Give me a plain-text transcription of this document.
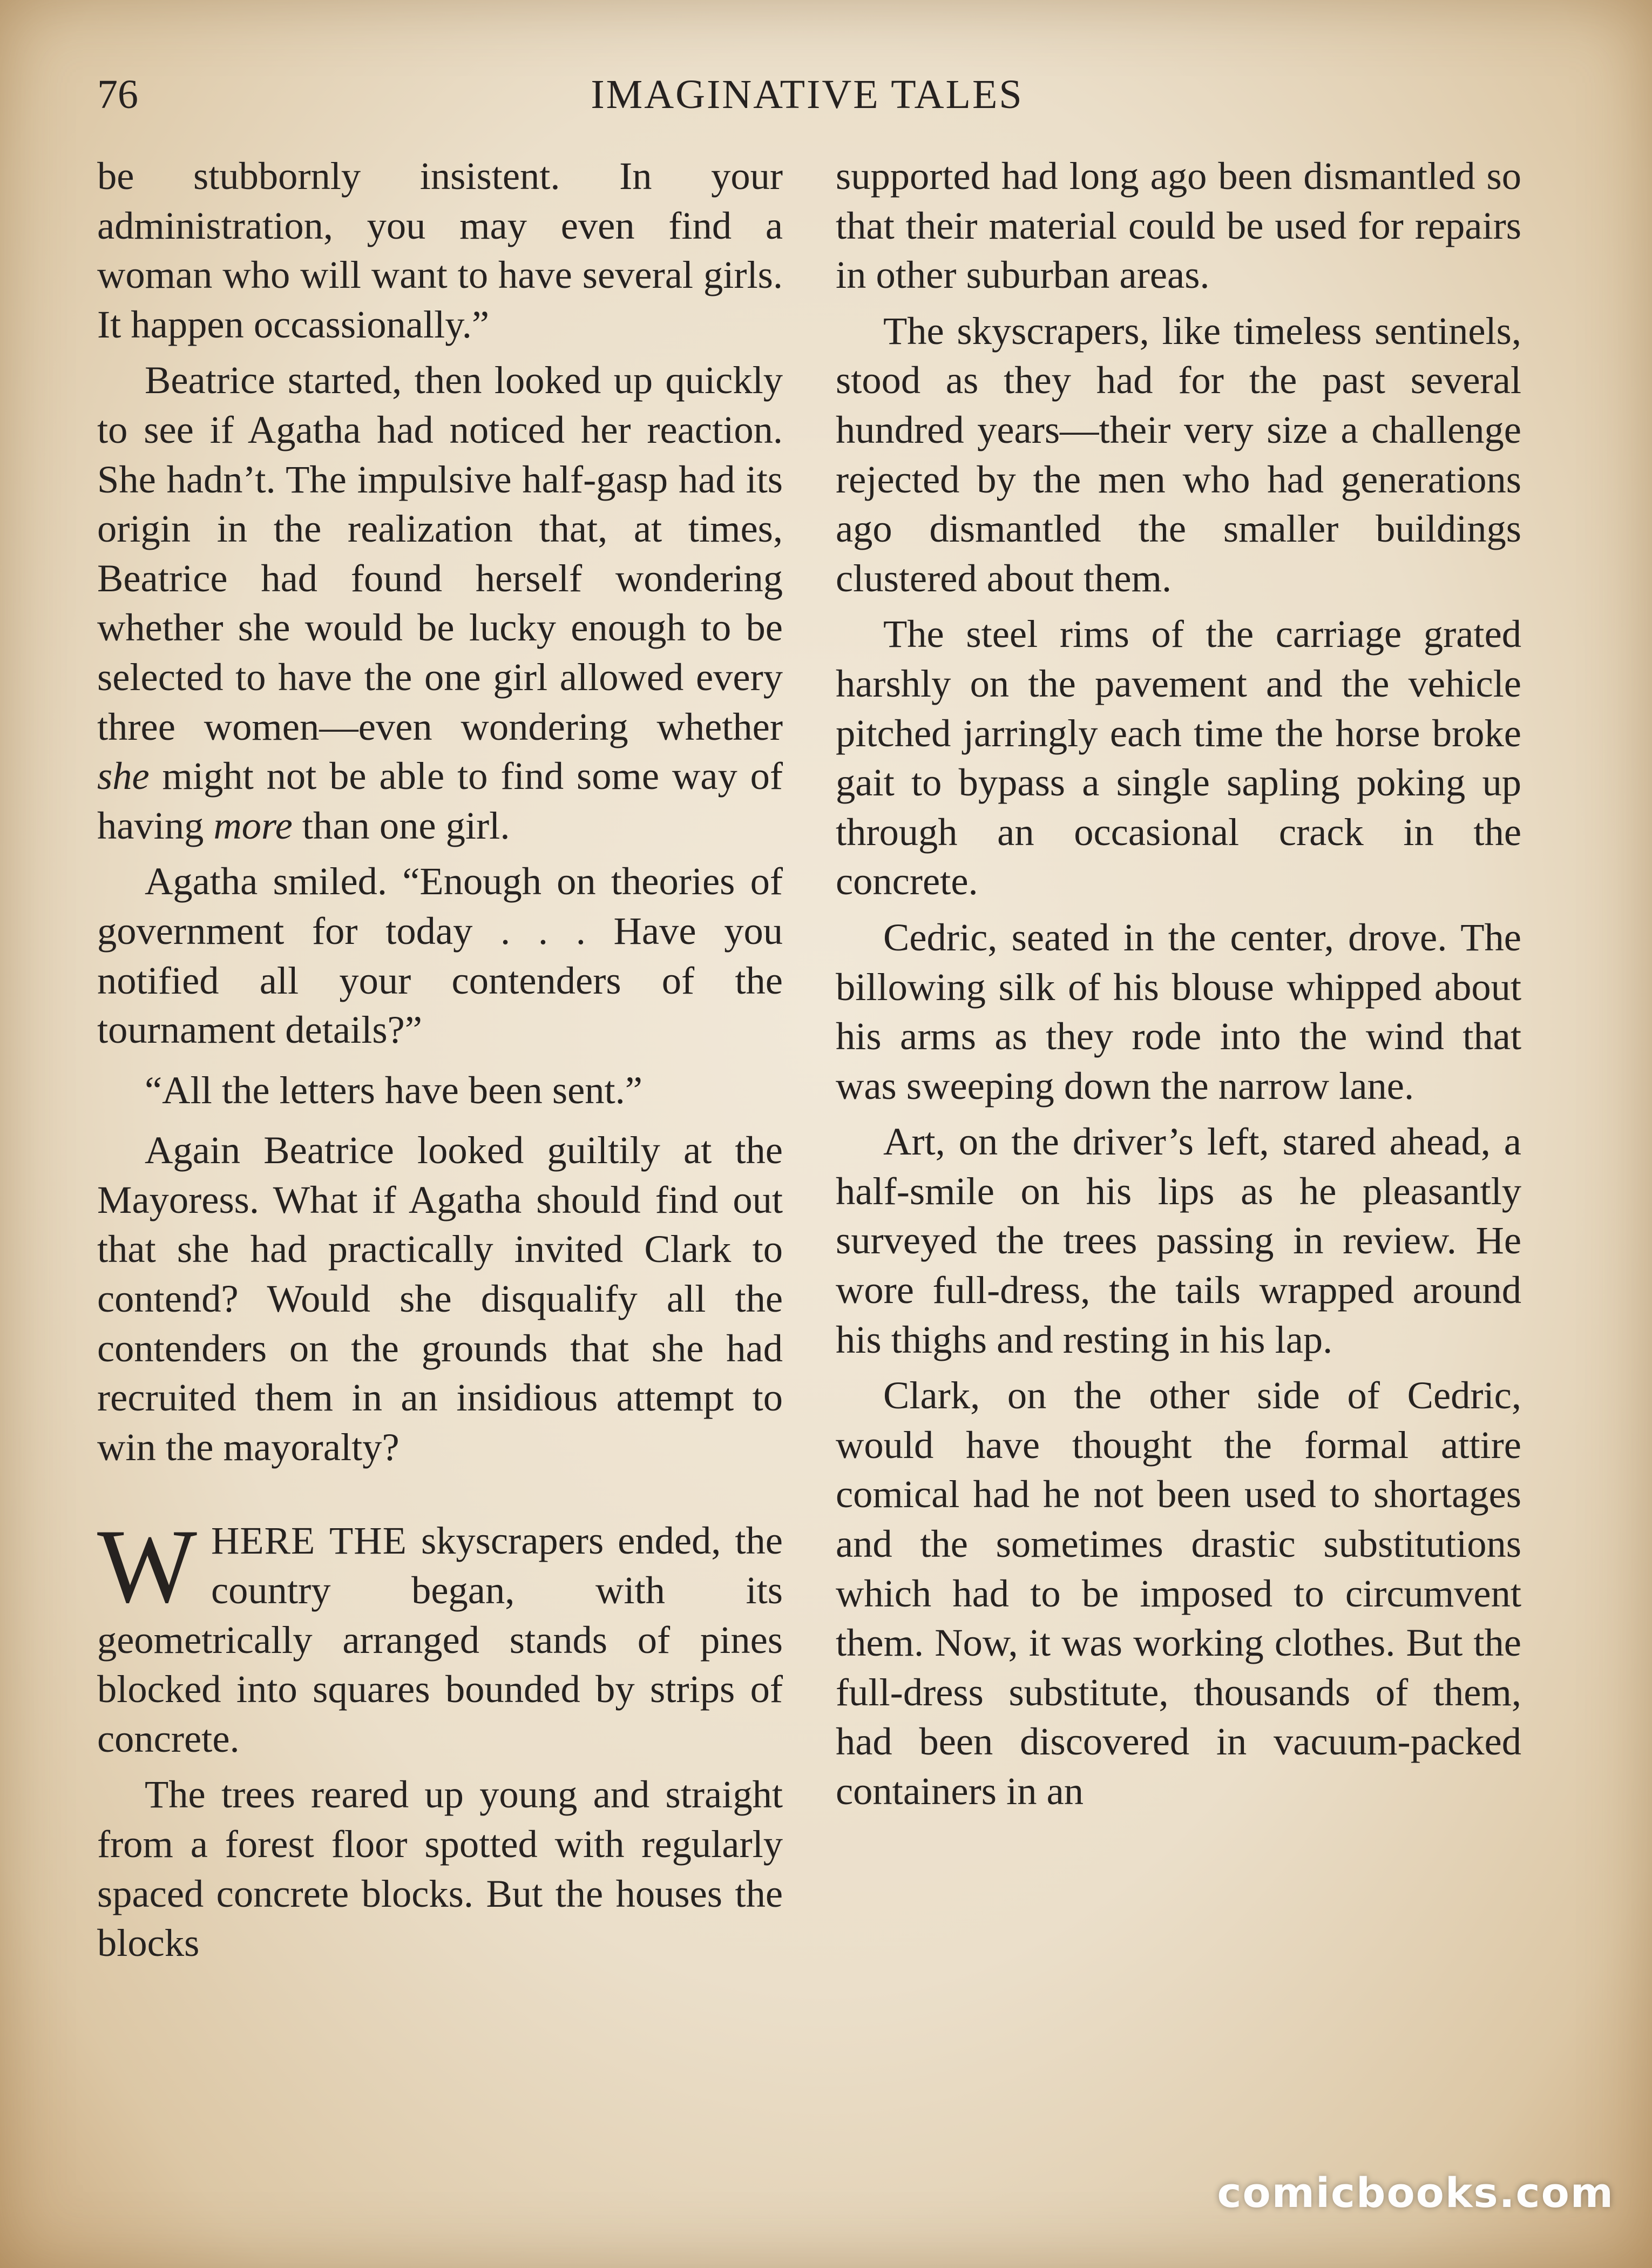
76	IMAGINATIVE TALES

be stubbornly insistent. In your administration, you may even find a woman who will want to have several girls. It happen occassionally.”

Beatrice started, then looked up quickly to see if Agatha had noticed her reaction. She hadn’t. The impulsive half-gasp had its origin in the realization that, at times, Beatrice had found herself wondering whether she would be lucky enough to be selected to have the one girl allowed every three women—even wondering whether she might not be able to find some way of having more than one girl.

Agatha smiled. “Enough on theories of government for today . . . Have you notified all your contenders of the tournament details?”

“All the letters have been sent.”

Again Beatrice looked guiltily at the Mayoress. What if Agatha should find out that she had practically invited Clark to contend? Would she disqualify all the contenders on the grounds that she had recruited them in an insidious attempt to win the mayoralty?

WHERE THE skyscrapers ended, the country began, with its geometrically arranged stands of pines blocked into squares bounded by strips of concrete.

The trees reared up young and straight from a forest floor spotted with regularly spaced concrete blocks. But the houses the blocks

supported had long ago been dismantled so that their material could be used for repairs in other suburban areas.

The skyscrapers, like timeless sentinels, stood as they had for the past several hundred years—their very size a challenge rejected by the men who had generations ago dismantled the smaller buildings clustered about them.

The steel rims of the carriage grated harshly on the pavement and the vehicle pitched jarringly each time the horse broke gait to bypass a single sapling poking up through an occasional crack in the concrete.

Cedric, seated in the center, drove. The billowing silk of his blouse whipped about his arms as they rode into the wind that was sweeping down the narrow lane.

Art, on the driver’s left, stared ahead, a half-smile on his lips as he pleasantly surveyed the trees passing in review. He wore full-dress, the tails wrapped around his thighs and resting in his lap.

Clark, on the other side of Cedric, would have thought the formal attire comical had he not been used to shortages and the sometimes drastic substitutions which had to be imposed to circumvent them. Now, it was working clothes. But the full-dress substitute, thousands of them, had been discovered in vacuum-packed containers in an

comicbooks.com
